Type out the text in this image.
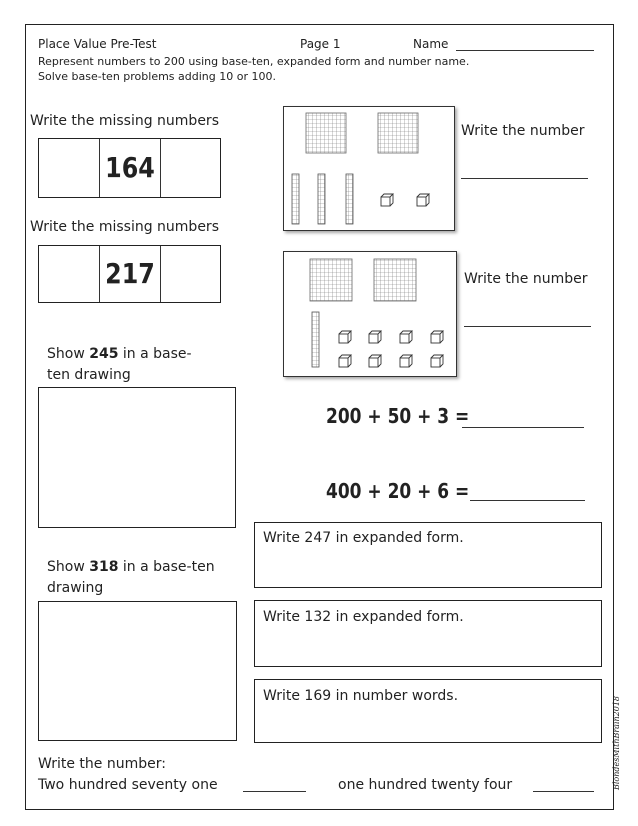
Place Value Pre-Test	Page 1	Name
Represent numbers to 200 using base-ten, expanded form and number name.
Solve base-ten problems adding 10 or 100.
Write the missing numbers
164
Write the missing numbers
217
Write the number
Write the number
Show 245 in a base-
ten drawing
200 + 50 + 3 =
400 + 20 + 6 =
Write 247 in expanded form.
Write 132 in expanded form.
Write 169 in number words.
Show 318 in a base-ten
drawing
Write the number:
Two hundred seventy one	one hundred twenty four	BlondesMithBrain2018
